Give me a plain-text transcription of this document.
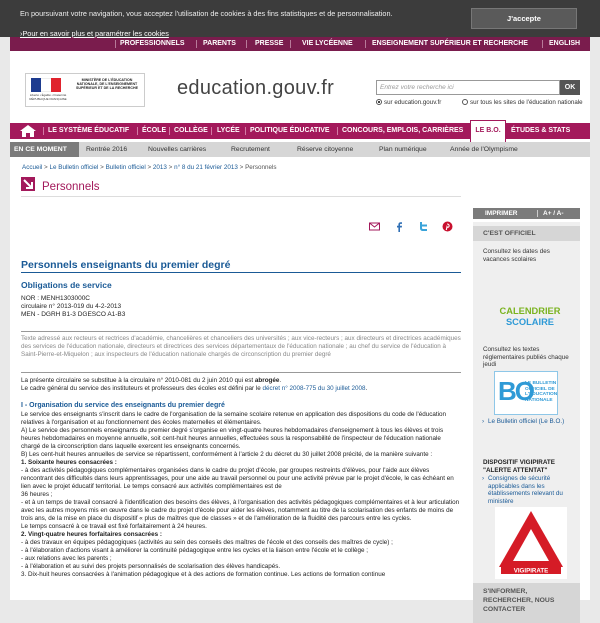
En poursuivant votre navigation, vous acceptez l'utilisation de cookies à des fins statistiques et de personnalisation.
› Pour en savoir plus et paramétrer les cookies
J'accepte
PROFESSIONNELS	PARENTS	PRESSE	VIE LYCÉENNE	ENSEIGNEMENT SUPÉRIEUR ET RECHERCHE	ENGLISH
Liberté • Égalité • Fraternité RÉPUBLIQUE FRANÇAISE
MINISTÈRE DE L'ÉDUCATION NATIONALE, DE L'ENSEIGNEMENT SUPÉRIEUR ET DE LA RECHERCHE education.gouv.fr	Entrez votre recherche ici	OK
sur education.gouv.fr	sur tous les sites de l'éducation nationale
LE SYSTÈME ÉDUCATIF ÉCOLE COLLÈGE LYCÉE POLITIQUE ÉDUCATIVE CONCOURS, EMPLOIS, CARRIÈRES	ÉTUDES & STATS
LE B.O.
EN CE MOMENT	Rentrée 2016	Nouvelles carrières	Recrutement	Réserve citoyenne	Plan numérique	Année de l'Olympisme
Accueil > Le Bulletin officiel > Bulletin officiel > 2013 > n° 8 du 21 février 2013 > Personnels
Personnels
Personnels enseignants du premier degré
Obligations de service
NOR : MENH1303000C
circulaire n° 2013-019 du 4-2-2013
MEN - DGRH B1-3 DGESCO A1-B3
Texte adressé aux recteurs et rectrices d'académie, chancelières et chanceliers des universités ; aux vice-recteurs ; aux directeurs et directrices académiques des services de l'éducation nationale, directeurs et directrices des services départementaux de l'éducation nationale ; au chef du service de l'éducation à Saint-Pierre-et-Miquelon ; aux inspecteurs de l'éducation nationale chargés de circonscription du premier degré
La présente circulaire se substitue à la circulaire n° 2010-081 du 2 juin 2010 qui est abrogée.
Le cadre général du service des instituteurs et professeurs des écoles est défini par le décret n° 2008-775 du 30 juillet 2008.
I - Organisation du service des enseignants du premier degré
Le service des enseignants s'inscrit dans le cadre de l'organisation de la semaine scolaire retenue en application des dispositions du code de l'éducation relatives à l'organisation et au fonctionnement des écoles maternelles et élémentaires.
A) Le service des personnels enseignants du premier degré s'organise en vingt-quatre heures hebdomadaires d'enseignement à tous les élèves et trois heures hebdomadaires en moyenne annuelle, soit cent-huit heures annuelles, effectuées sous la responsabilité de l'inspecteur de l'éducation nationale chargé de la circonscription dans laquelle exercent les enseignants concernés.
B) Les cent-huit heures annuelles de service se répartissent, conformément à l'article 2 du décret du 30 juillet 2008 précité, de la manière suivante :
1. Soixante heures consacrées :
- à des activités pédagogiques complémentaires organisées dans le cadre du projet d'école, par groupes restreints d'élèves, pour l'aide aux élèves rencontrant des difficultés dans leurs apprentissages, pour une aide au travail personnel ou pour une activité prévue par le projet d'école, le cas échéant en lien avec le projet éducatif territorial. Le temps consacré aux activités complémentaires est de
36 heures ;
- et à un temps de travail consacré à l'identification des besoins des élèves, à l'organisation des activités pédagogiques complémentaires et à leur articulation avec les autres moyens mis en œuvre dans le cadre du projet d'école pour aider les élèves, notamment au titre de la scolarisation des enfants de moins de trois ans, de la mise en place du dispositif « plus de maîtres que de classes » et de l'amélioration de la fluidité des parcours entre les cycles.
Le temps consacré à ce travail est fixé forfaitairement à 24 heures.
2. Vingt-quatre heures forfaitaires consacrées :
- à des travaux en équipes pédagogiques (activités au sein des conseils des maîtres de l'école et des conseils des maîtres de cycle) ;
- à l'élaboration d'actions visant à améliorer la continuité pédagogique entre les cycles et la liaison entre l'école et le collège ;
- aux relations avec les parents ;
- à l'élaboration et au suivi des projets personnalisés de scolarisation des élèves handicapés.
3. Dix-huit heures consacrées à l'animation pédagogique et à des actions de formation continue. Les actions de formation continue
IMPRIMER	A+ / A-
C'EST OFFICIEL
Consultez les dates des vacances scolaires
CALENDRIER
SCOLAIRE
Consultez les textes réglementaires publiés chaque jeudi
BO
LE BULLETIN OFFICIEL DE L'ÉDUCATION NATIONALE
› Le Bulletin officiel (Le B.O.)
DISPOSITIF VIGIPIRATE "ALERTE ATTENTAT"
› Consignes de sécurité applicables dans les établissements relevant du ministère
VIGIPIRATE
S'INFORMER, RECHERCHER, NOUS CONTACTER
